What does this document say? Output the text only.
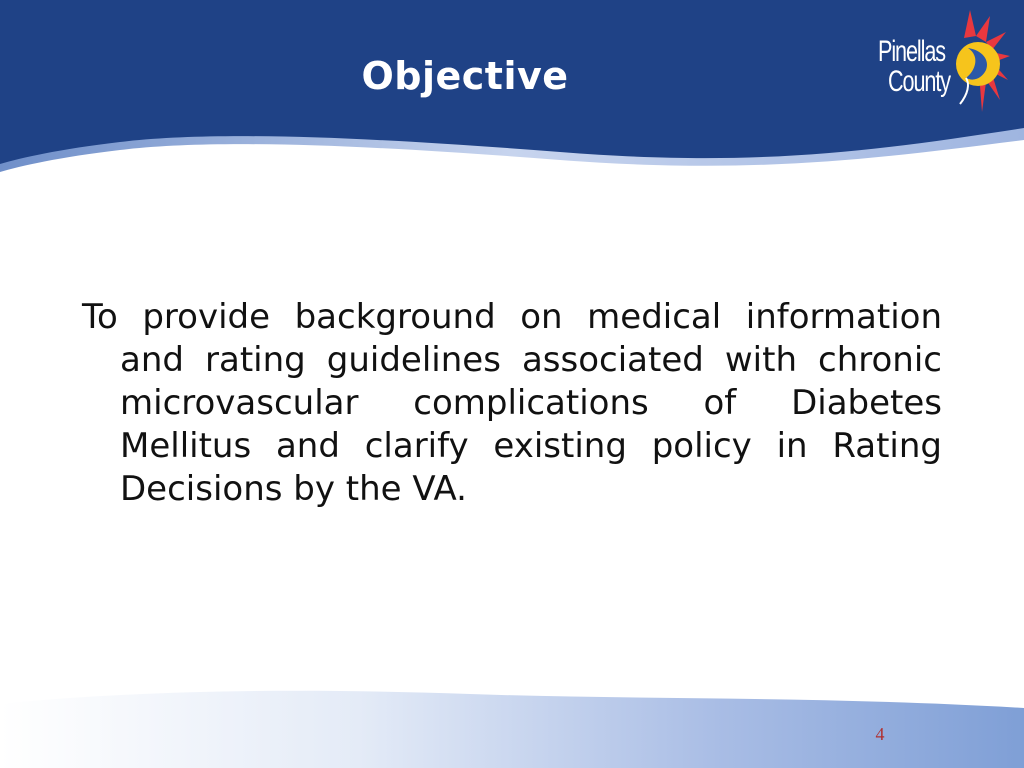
Objective
Pinellas
County
To provide background on medical information and rating guidelines associated with chronic microvascular complications of Diabetes Mellitus and clarify existing policy in Rating Decisions by the VA.
4
